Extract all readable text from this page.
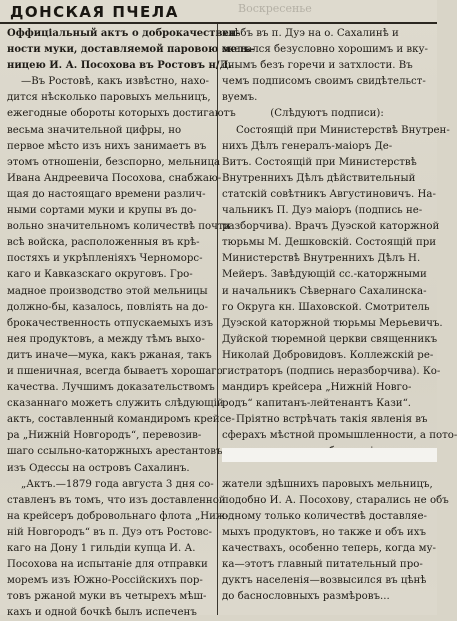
ДОНСКАЯ ПЧЕЛА	Воскресенье
Оффиціальный актъ о доброкачествен-
ности муки, доставляемой паровою мель-
ницею И. А. Посохова въ Ростовъ н/Д.
—Въ Ростовѣ, какъ извѣстно, нахо-
дится нѣсколько паровыхъ мельницъ,
ежегодные обороты которыхъ достигаютъ
весьма значительной цифры, но
первое мѣсто изъ нихъ занимаетъ въ
этомъ отношеніи, безспорно, мельница
Ивана Андреевича Посохова, снабжаю-
щая до настоящаго времени различ-
ными сортами муки и крупы въ до-
вольно значительномъ количествѣ почти
всѣ войска, расположенныя въ крѣ-
постяхъ и укрѣпленіяхъ Черноморс-
каго и Кавказскаго округовъ. Гро-
мадное производство этой мельницы
должно-бы, казалось, повліять на до-
брокачественность отпускаемыхъ изъ
нея продуктовъ, а между тѣмъ выхо-
дитъ иначе—мука, какъ ржаная, такъ
и пшеничная, всегда бываетъ хорошаго
качества. Лучшимъ доказательствомъ
сказаннаго можетъ служить слѣдующій
актъ, составленный командиромъ крейсе-
ра „Нижній Новгородъ“, перевозив-
шаго ссыльно-каторжныхъ арестантовъ
изъ Одессы на островъ Сахалинъ.
„Актъ.—1879 года августа 3 дня со-
ставленъ въ томъ, что изъ доставленной
на крейсеръ добровольнаго флота „Ниж-
ній Новгородъ“ въ п. Дуэ отъ Ростовс-
каго на Дону 1 гильдіи купца И. А.
Посохова на испытаніе для отправки
моремъ изъ Южно-Россійскихъ пор-
товъ ржаной муки въ четырехъ мѣш-
кахъ и одной бочкѣ былъ испеченъ
хлѣбъ въ п. Дуэ на о. Сахалинѣ и
оказался безусловно хорошимъ и вку-
снымъ безъ горечи и затхлости. Въ
чемъ подписомъ своимъ свидѣтельст-
вуемъ.
(Слѣдуютъ подписи):
Состоящій при Министерствѣ Внутрен-
нихъ Дѣлъ генералъ-маіоръ Де-
Витъ. Состоящій при Министерствѣ
Внутреннихъ Дѣлъ дѣйствительный
статскій совѣтникъ Августиновичъ. На-
чальникъ П. Дуэ маіоръ (подпись не-
разборчива). Врачъ Дуэской каторжной
тюрьмы М. Дешковскій. Состоящій при
Министерствѣ Внутреннихъ Дѣлъ Н.
Мейеръ. Завѣдующій сс.-каторжными
и начальникъ Сѣвернаго Сахалинска-
го Округа кн. Шаховской. Смотритель
Дуэской каторжной тюрьмы Мерьевичъ.
Дуйской тюремной церкви священникъ
Николай Добровидовъ. Коллежскій ре-
гистраторъ (подпись неразборчива). Ко-
мандиръ крейсера „Нижній Новго-
родъ“ капитанъ-лейтенантъ Кази“.
Пріятно встрѣчать такія явленія въ
сферахъ мѣстной промышленности, а пото-

жатели здѣшнихъ паровыхъ мельницъ,
подобно И. А. Посохову, старались не объ
одному только количествѣ доставляе-
мыхъ продуктовъ, но также и объ ихъ
качествахъ, особенно теперь, когда му-
ка—этотъ главный питательный про-
дуктъ населенія—возвысился въ цѣнѣ
до баснословныхъ размѣровъ...
